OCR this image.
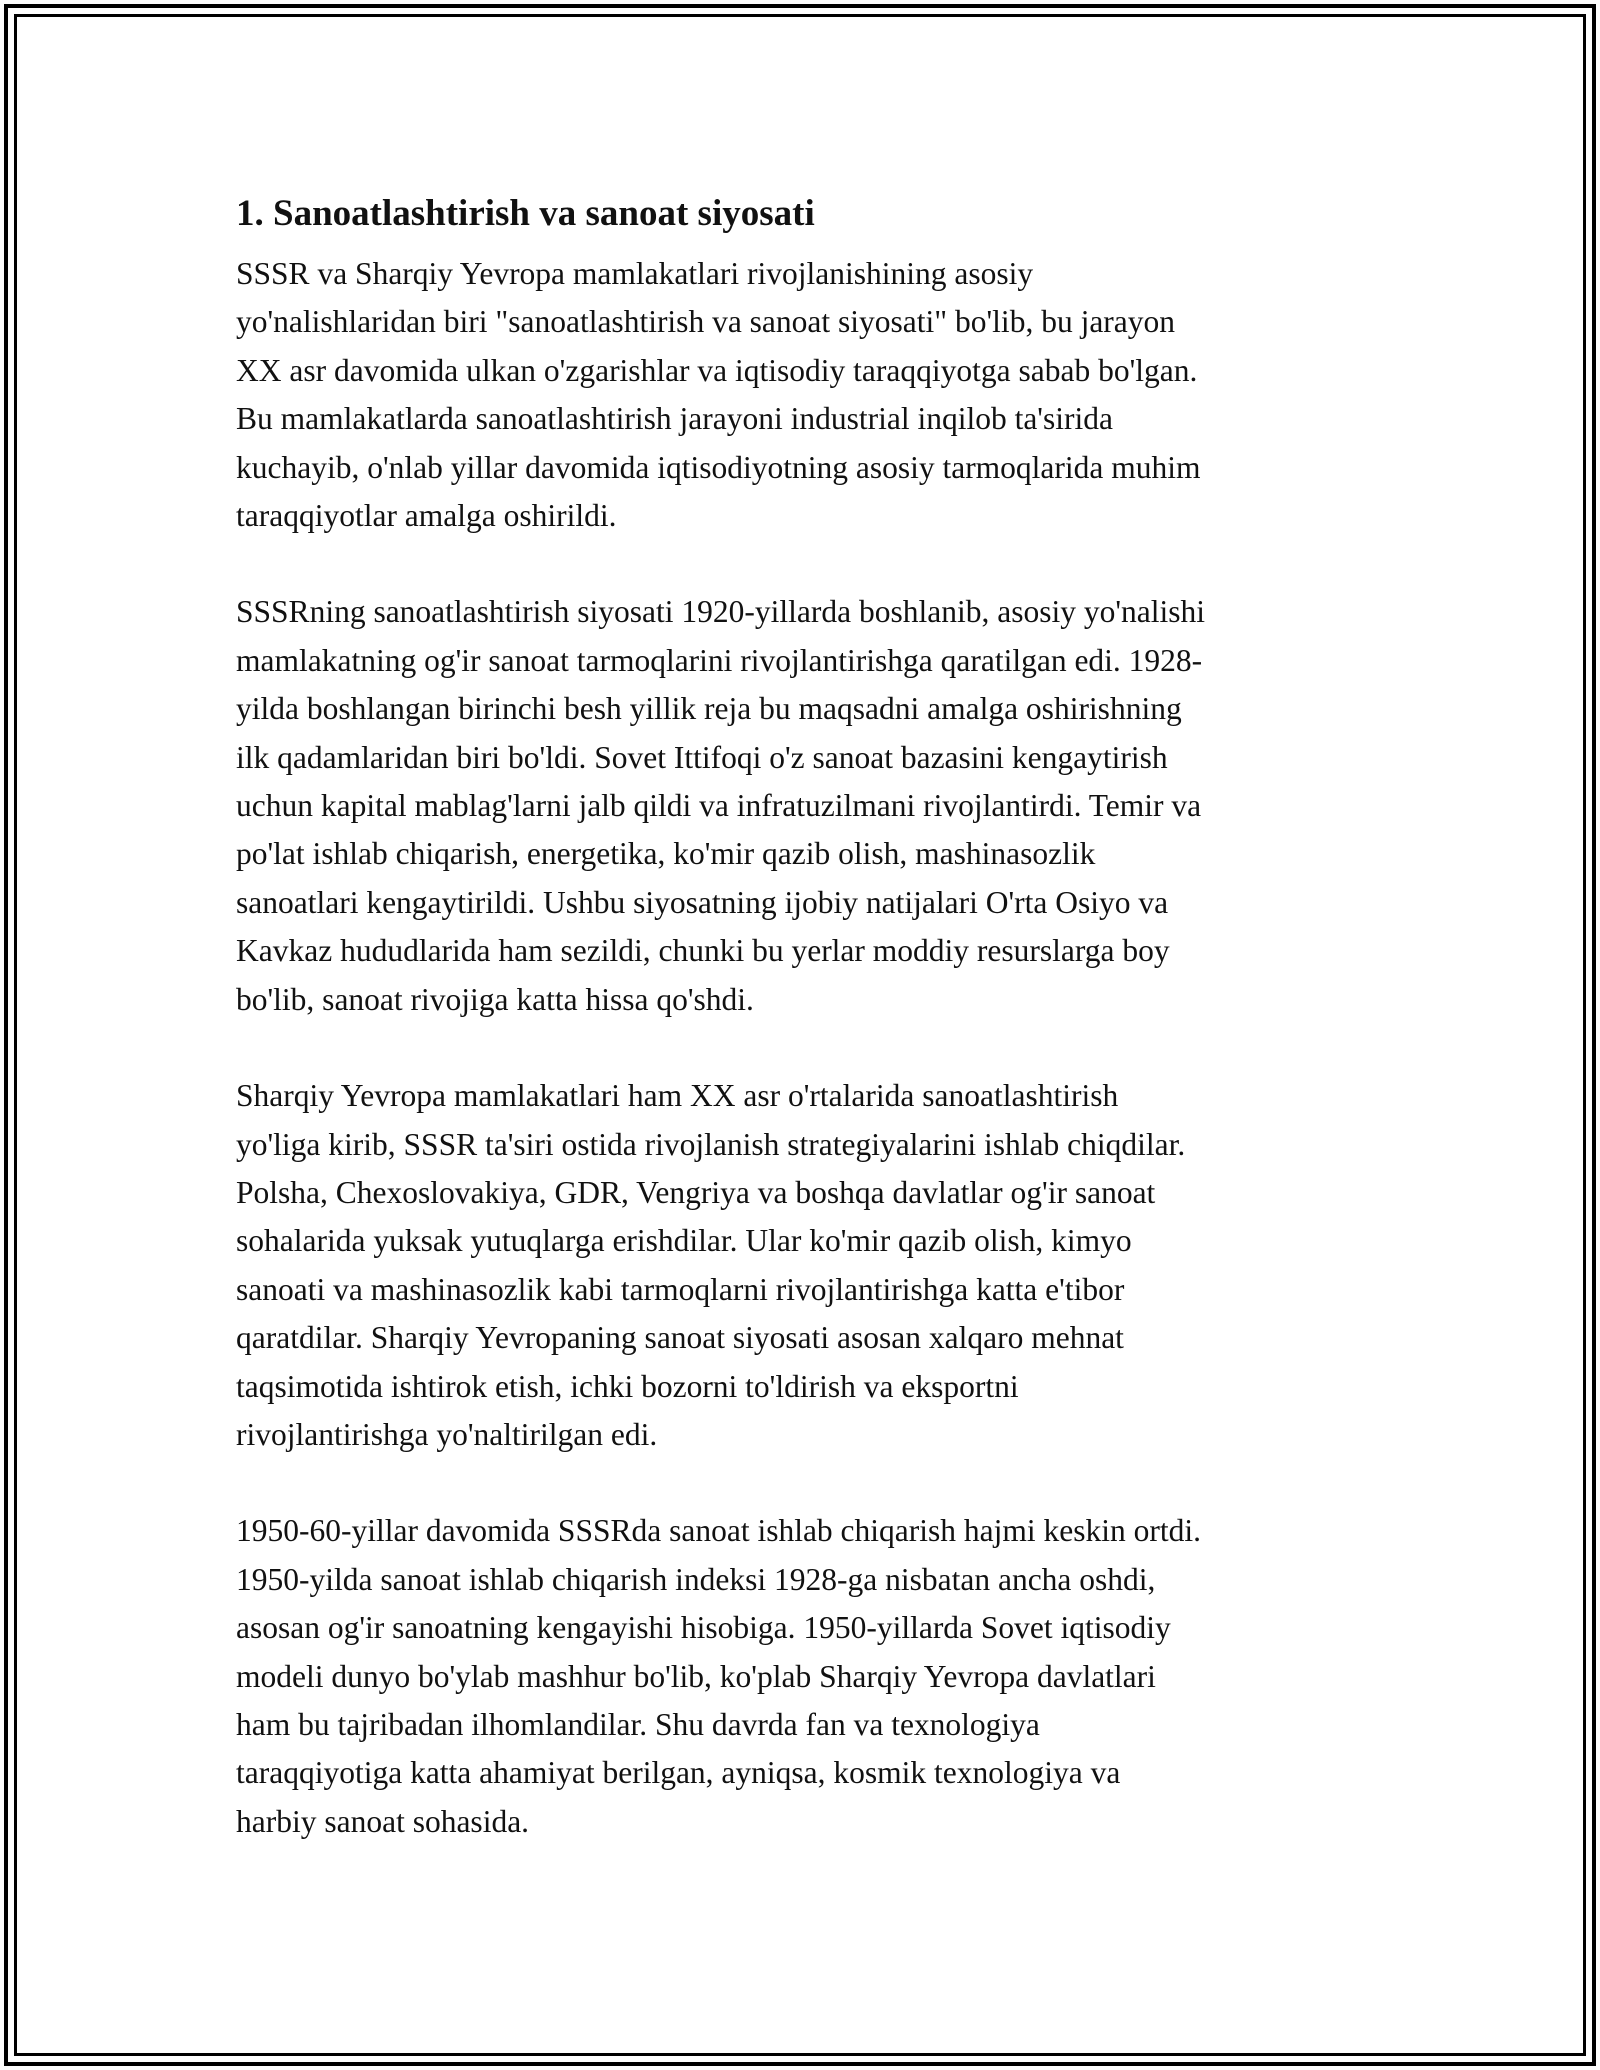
1. Sanoatlashtirish va sanoat siyosati

SSSR va Sharqiy Yevropa mamlakatlari rivojlanishining asosiy
yo'nalishlaridan biri "sanoatlashtirish va sanoat siyosati" bo'lib, bu jarayon
XX asr davomida ulkan o'zgarishlar va iqtisodiy taraqqiyotga sabab bo'lgan.
Bu mamlakatlarda sanoatlashtirish jarayoni industrial inqilob ta'sirida
kuchayib, o'nlab yillar davomida iqtisodiyotning asosiy tarmoqlarida muhim
taraqqiyotlar amalga oshirildi.

SSSRning sanoatlashtirish siyosati 1920-yillarda boshlanib, asosiy yo'nalishi
mamlakatning og'ir sanoat tarmoqlarini rivojlantirishga qaratilgan edi. 1928-
yilda boshlangan birinchi besh yillik reja bu maqsadni amalga oshirishning
ilk qadamlaridan biri bo'ldi. Sovet Ittifoqi o'z sanoat bazasini kengaytirish
uchun kapital mablag'larni jalb qildi va infratuzilmani rivojlantirdi. Temir va
po'lat ishlab chiqarish, energetika, ko'mir qazib olish, mashinasozlik
sanoatlari kengaytirildi. Ushbu siyosatning ijobiy natijalari O'rta Osiyo va
Kavkaz hududlarida ham sezildi, chunki bu yerlar moddiy resurslarga boy
bo'lib, sanoat rivojiga katta hissa qo'shdi.

Sharqiy Yevropa mamlakatlari ham XX asr o'rtalarida sanoatlashtirish
yo'liga kirib, SSSR ta'siri ostida rivojlanish strategiyalarini ishlab chiqdilar.
Polsha, Chexoslovakiya, GDR, Vengriya va boshqa davlatlar og'ir sanoat
sohalarida yuksak yutuqlarga erishdilar. Ular ko'mir qazib olish, kimyo
sanoati va mashinasozlik kabi tarmoqlarni rivojlantirishga katta e'tibor
qaratdilar. Sharqiy Yevropaning sanoat siyosati asosan xalqaro mehnat
taqsimotida ishtirok etish, ichki bozorni to'ldirish va eksportni
rivojlantirishga yo'naltirilgan edi.

1950-60-yillar davomida SSSRda sanoat ishlab chiqarish hajmi keskin ortdi.
1950-yilda sanoat ishlab chiqarish indeksi 1928-ga nisbatan ancha oshdi,
asosan og'ir sanoatning kengayishi hisobiga. 1950-yillarda Sovet iqtisodiy
modeli dunyo bo'ylab mashhur bo'lib, ko'plab Sharqiy Yevropa davlatlari
ham bu tajribadan ilhomlandilar. Shu davrda fan va texnologiya
taraqqiyotiga katta ahamiyat berilgan, ayniqsa, kosmik texnologiya va
harbiy sanoat sohasida.
